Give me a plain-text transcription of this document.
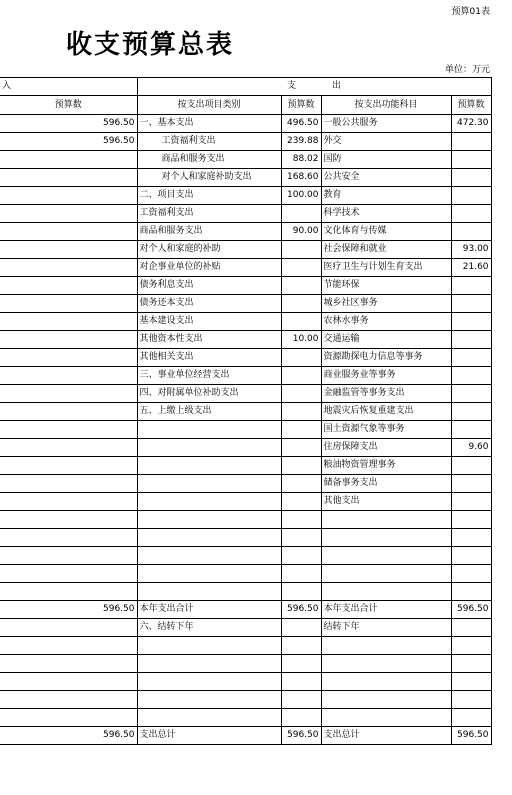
预算01表
收支预算总表
单位：万元
入	支　　　　出			
预算数	按支出项目类别	预算数	按支出功能科目	预算数
596.50	一、基本支出	496.50	一般公共服务	472.30
596.50	工资福利支出	239.88	外交	
	商品和服务支出	88.02	国防	
	对个人和家庭补助支出	168.60	公共安全	
	二、项目支出	100.00	教育	
	工资福利支出		科学技术	
	商品和服务支出	90.00	文化体育与传媒	
	对个人和家庭的补助		社会保障和就业	93.00
	对企事业单位的补贴		医疗卫生与计划生育支出	21.60
	债务利息支出		节能环保	
	债务还本支出		城乡社区事务	
	基本建设支出		农林水事务	
	其他资本性支出	10.00	交通运输	
	其他相关支出		资源勘探电力信息等事务	
	三、事业单位经营支出		商业服务业等事务	
	四、对附属单位补助支出		金融监管等事务支出	
	五、上缴上级支出		地震灾后恢复重建支出	
			国土资源气象等事务	
			住房保障支出	9.60
			粮油物资管理事务	
			储备事务支出	
			其他支出	

596.50	本年支出合计	596.50	本年支出合计	596.50
	六、结转下年		结转下年	

596.50	支出总计	596.50	支出总计	596.50
